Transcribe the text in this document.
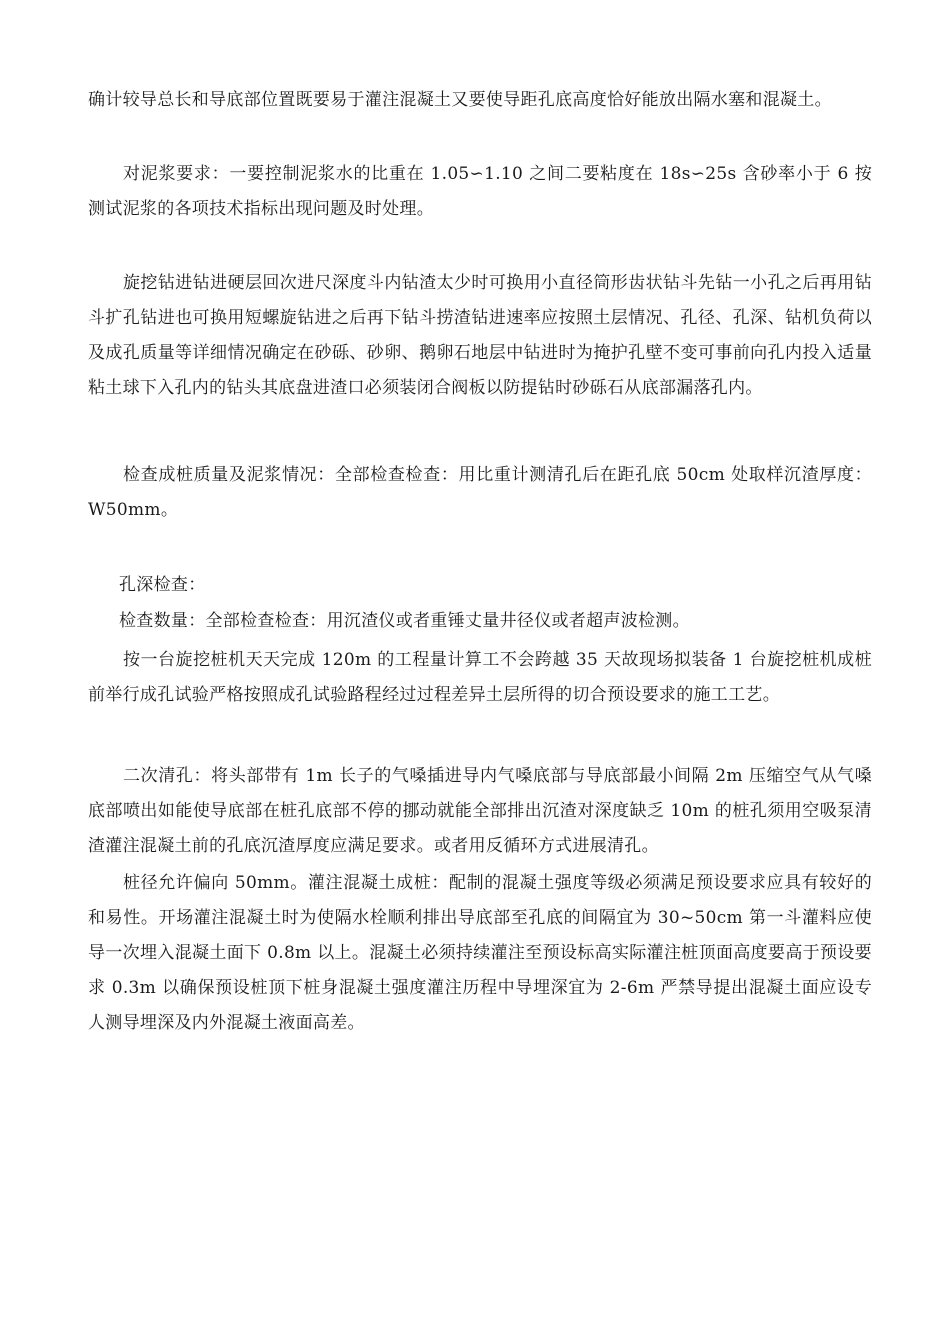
确计较导总长和导底部位置既要易于灌注混凝土又要使导距孔底高度恰好能放出隔水塞和混凝土。

对泥浆要求：一要控制泥浆水的比重在 1.05∽1.10 之间二要粘度在 18s∽25s 含砂率小于 6 按测试泥浆的各项技术指标出现问题及时处理。

旋挖钻进钻进硬层回次进尺深度斗内钻渣太少时可换用小直径筒形齿状钻斗先钻一小孔之后再用钻斗扩孔钻进也可换用短螺旋钻进之后再下钻斗捞渣钻进速率应按照土层情况、孔径、孔深、钻机负荷以及成孔质量等详细情况确定在砂砾、砂卵、鹅卵石地层中钻进时为掩护孔壁不变可事前向孔内投入适量粘土球下入孔内的钻头其底盘进渣口必须装闭合阀板以防提钻时砂砾石从底部漏落孔内。

检查成桩质量及泥浆情况：全部检查检查：用比重计测清孔后在距孔底 50cm 处取样沉渣厚度：W50mm。

孔深检查：

检查数量：全部检查检查：用沉渣仪或者重锤丈量井径仪或者超声波检测。

按一台旋挖桩机天天完成 120m 的工程量计算工不会跨越 35 天故现场拟装备 1 台旋挖桩机成桩前举行成孔试验严格按照成孔试验路程经过过程差异土层所得的切合预设要求的施工工艺。

二次清孔：将头部带有 1m 长子的气嗓插进导内气嗓底部与导底部最小间隔 2m 压缩空气从气嗓底部喷出如能使导底部在桩孔底部不停的挪动就能全部排出沉渣对深度缺乏 10m 的桩孔须用空吸泵清渣灌注混凝土前的孔底沉渣厚度应满足要求。或者用反循环方式进展清孔。

桩径允许偏向 50mm。灌注混凝土成桩：配制的混凝土强度等级必须满足预设要求应具有较好的和易性。开场灌注混凝土时为使隔水栓顺利排出导底部至孔底的间隔宜为 30~50cm 第一斗灌料应使导一次埋入混凝土面下 0.8m 以上。混凝土必须持续灌注至预设标高实际灌注桩顶面高度要高于预设要求 0.3m 以确保预设桩顶下桩身混凝土强度灌注历程中导埋深宜为 2-6m 严禁导提出混凝土面应设专人测导埋深及内外混凝土液面高差。
